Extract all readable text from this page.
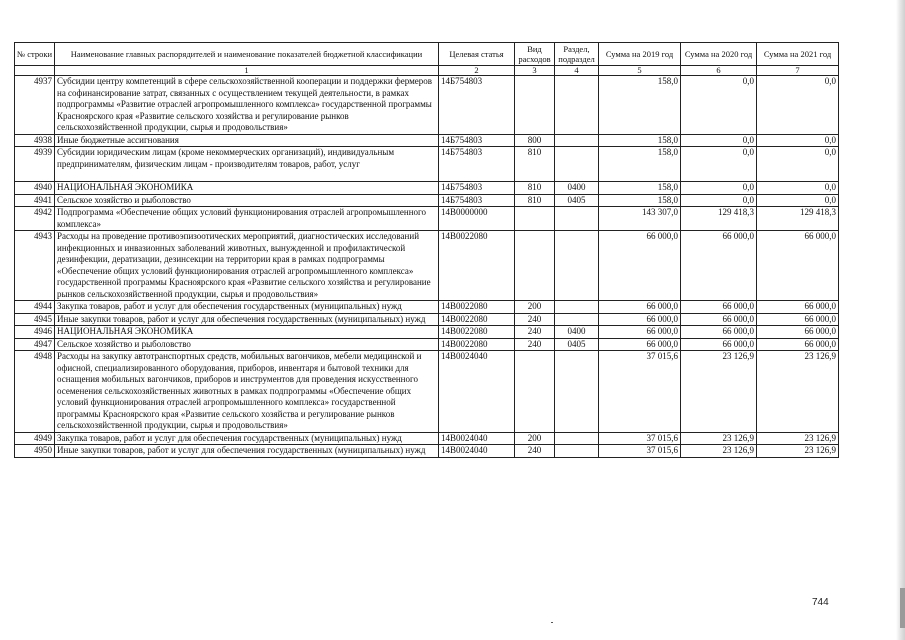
№ строки	Наименование главных распорядителей и наименование показателей бюджетной классификации	Целевая статья	Вид расходов	Раздел, подраздел	Сумма на 2019 год	Сумма на 2020 год	Сумма на 2021 год
	1	2	3	4	5	6	7
4937	Субсидии центру компетенций в сфере сельскохозяйственной кооперации и поддержки фермеров на софинансирование затрат, связанных с осуществлением текущей деятельности, в рамках подпрограммы «Развитие отраслей агропромышленного комплекса» государственной программы Красноярского края «Развитие сельского хозяйства и регулирование рынков сельскохозяйственной продукции, сырья и продовольствия»	14Б754803			158,0	0,0	0,0
4938	Иные бюджетные ассигнования	14Б754803	800		158,0	0,0	0,0
4939	Субсидии юридическим лицам (кроме некоммерческих организаций), индивидуальным предпринимателям, физическим лицам - производителям товаров, работ, услуг	14Б754803	810		158,0	0,0	0,0
4940	НАЦИОНАЛЬНАЯ ЭКОНОМИКА	14Б754803	810	0400	158,0	0,0	0,0
4941	Сельское хозяйство и рыболовство	14Б754803	810	0405	158,0	0,0	0,0
4942	Подпрограмма «Обеспечение общих условий функционирования отраслей агропромышленного комплекса»	14В0000000			143 307,0	129 418,3	129 418,3
4943	Расходы на проведение противоэпизоотических мероприятий, диагностических исследований инфекционных и инвазионных заболеваний животных, вынужденной и профилактической дезинфекции, дератизации, дезинсекции на территории края в рамках подпрограммы «Обеспечение общих условий функционирования отраслей агропромышленного комплекса» государственной программы Красноярского края «Развитие сельского хозяйства и регулирование рынков сельскохозяйственной продукции, сырья и продовольствия»	14В0022080			66 000,0	66 000,0	66 000,0
4944	Закупка товаров, работ и услуг для обеспечения государственных (муниципальных) нужд	14В0022080	200		66 000,0	66 000,0	66 000,0
4945	Иные закупки товаров, работ и услуг для обеспечения государственных (муниципальных) нужд	14В0022080	240		66 000,0	66 000,0	66 000,0
4946	НАЦИОНАЛЬНАЯ ЭКОНОМИКА	14В0022080	240	0400	66 000,0	66 000,0	66 000,0
4947	Сельское хозяйство и рыболовство	14В0022080	240	0405	66 000,0	66 000,0	66 000,0
4948	Расходы на закупку автотранспортных средств, мобильных вагончиков, мебели медицинской и офисной, специализированного оборудования, приборов, инвентаря и бытовой техники для оснащения мобильных вагончиков, приборов и инструментов для проведения искусственного осеменения сельскохозяйственных животных в рамках подпрограммы «Обеспечение общих условий функционирования отраслей агропромышленного комплекса» государственной программы Красноярского края «Развитие сельского хозяйства и регулирование рынков сельскохозяйственной продукции, сырья и продовольствия»	14В0024040			37 015,6	23 126,9	23 126,9
4949	Закупка товаров, работ и услуг для обеспечения государственных (муниципальных) нужд	14В0024040	200		37 015,6	23 126,9	23 126,9
4950	Иные закупки товаров, работ и услуг для обеспечения государственных (муниципальных) нужд	14В0024040	240		37 015,6	23 126,9	23 126,9
744
